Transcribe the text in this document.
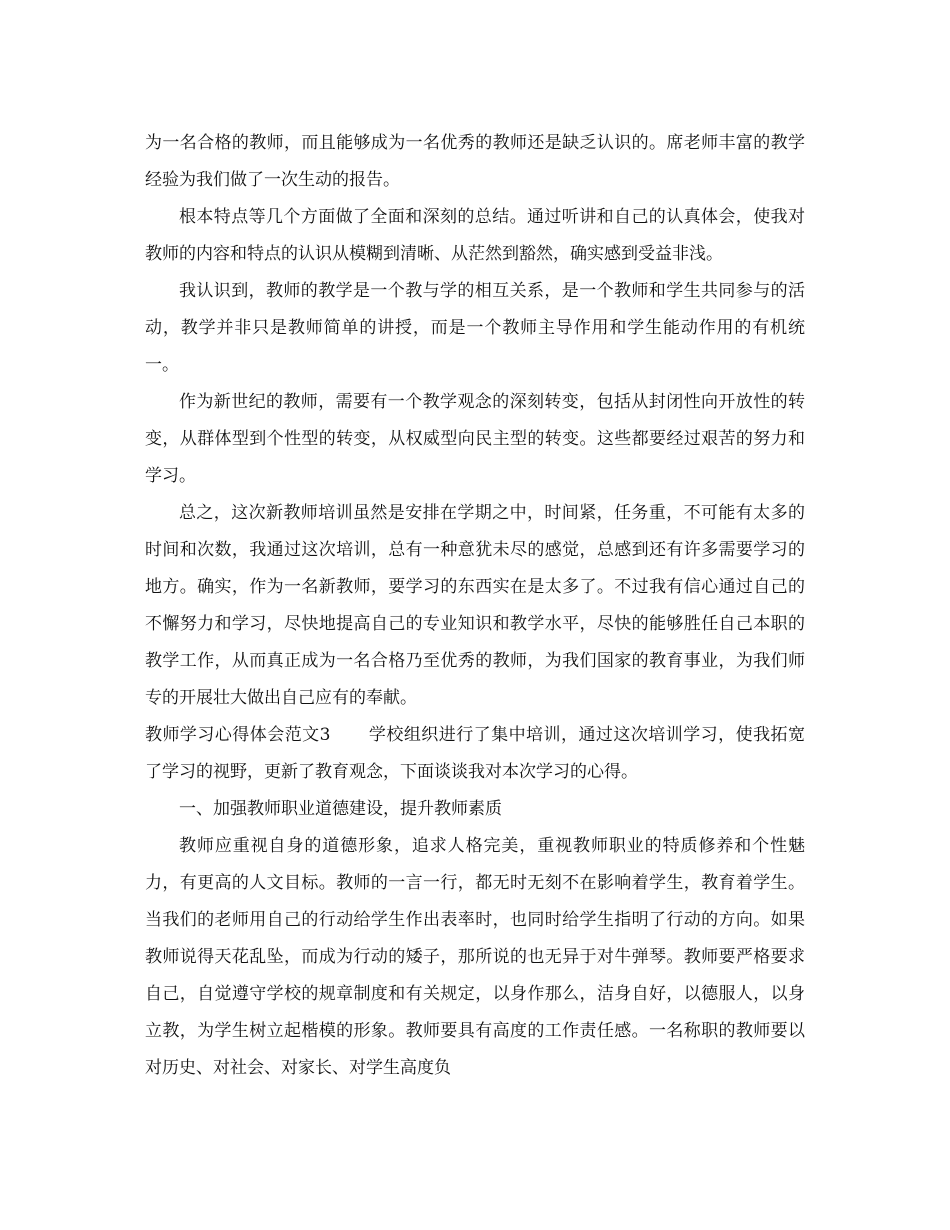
为一名合格的教师，而且能够成为一名优秀的教师还是缺乏认识的。席老师丰富的教学经验为我们做了一次生动的报告。

根本特点等几个方面做了全面和深刻的总结。通过听讲和自己的认真体会，使我对教师的内容和特点的认识从模糊到清晰、从茫然到豁然，确实感到受益非浅。

我认识到，教师的教学是一个教与学的相互关系，是一个教师和学生共同参与的活动，教学并非只是教师简单的讲授，而是一个教师主导作用和学生能动作用的有机统一。

作为新世纪的教师，需要有一个教学观念的深刻转变，包括从封闭性向开放性的转变，从群体型到个性型的转变，从权威型向民主型的转变。这些都要经过艰苦的努力和学习。

总之，这次新教师培训虽然是安排在学期之中，时间紧，任务重，不可能有太多的时间和次数，我通过这次培训，总有一种意犹未尽的感觉，总感到还有许多需要学习的地方。确实，作为一名新教师，要学习的东西实在是太多了。不过我有信心通过自己的不懈努力和学习，尽快地提高自己的专业知识和教学水平，尽快的能够胜任自己本职的教学工作，从而真正成为一名合格乃至优秀的教师，为我们国家的教育事业，为我们师专的开展壮大做出自己应有的奉献。

教师学习心得体会范文3 学校组织进行了集中培训，通过这次培训学习，使我拓宽了学习的视野，更新了教育观念，下面谈谈我对本次学习的心得。

一、加强教师职业道德建设，提升教师素质

教师应重视自身的道德形象，追求人格完美，重视教师职业的特质修养和个性魅力，有更高的人文目标。教师的一言一行，都无时无刻不在影响着学生，教育着学生。当我们的老师用自己的行动给学生作出表率时，也同时给学生指明了行动的方向。如果教师说得天花乱坠，而成为行动的矮子，那所说的也无异于对牛弹琴。教师要严格要求自己，自觉遵守学校的规章制度和有关规定，以身作那么，洁身自好，以德服人，以身立教，为学生树立起楷模的形象。教师要具有高度的工作责任感。一名称职的教师要以对历史、对社会、对家长、对学生高度负
